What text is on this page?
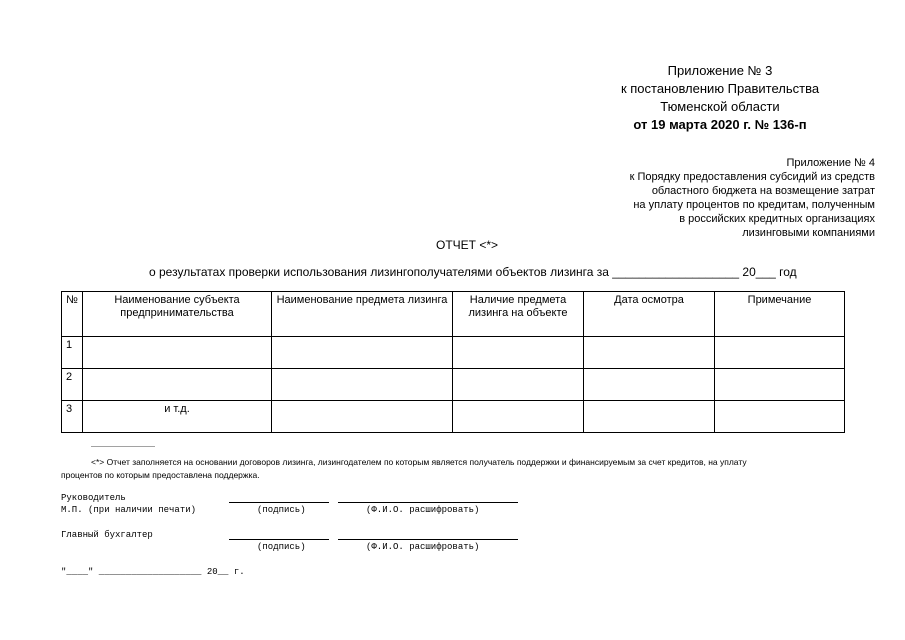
Приложение № 3
к постановлению Правительства
Тюменской области
от 19 марта 2020 г. № 136-п
Приложение № 4
к Порядку предоставления субсидий из средств
областного бюджета на возмещение затрат
на уплату процентов по кредитам, полученным
в российских кредитных организациях
лизинговыми компаниями
ОТЧЕТ <*>
о результатах проверки использования лизингополучателями объектов лизинга за ___________________ 20___ год
№	Наименование субъекта предпринимательства	Наименование предмета лизинга	Наличие предмета лизинга на объекте	Дата осмотра	Примечание
1					
2					
3	и т.д.				
--------------------------------
<*> Отчет заполняется на основании договоров лизинга, лизингодателем по которым является получатель поддержки и финансируемым за счет кредитов, на уплату
процентов по которым предоставлена поддержка.
Руководитель
М.П. (при наличии печати)	(подпись)	(Ф.И.О. расшифровать)
Главный бухгалтер
(подпись)	(Ф.И.О. расшифровать)
"____" ___________________ 20__ г.
